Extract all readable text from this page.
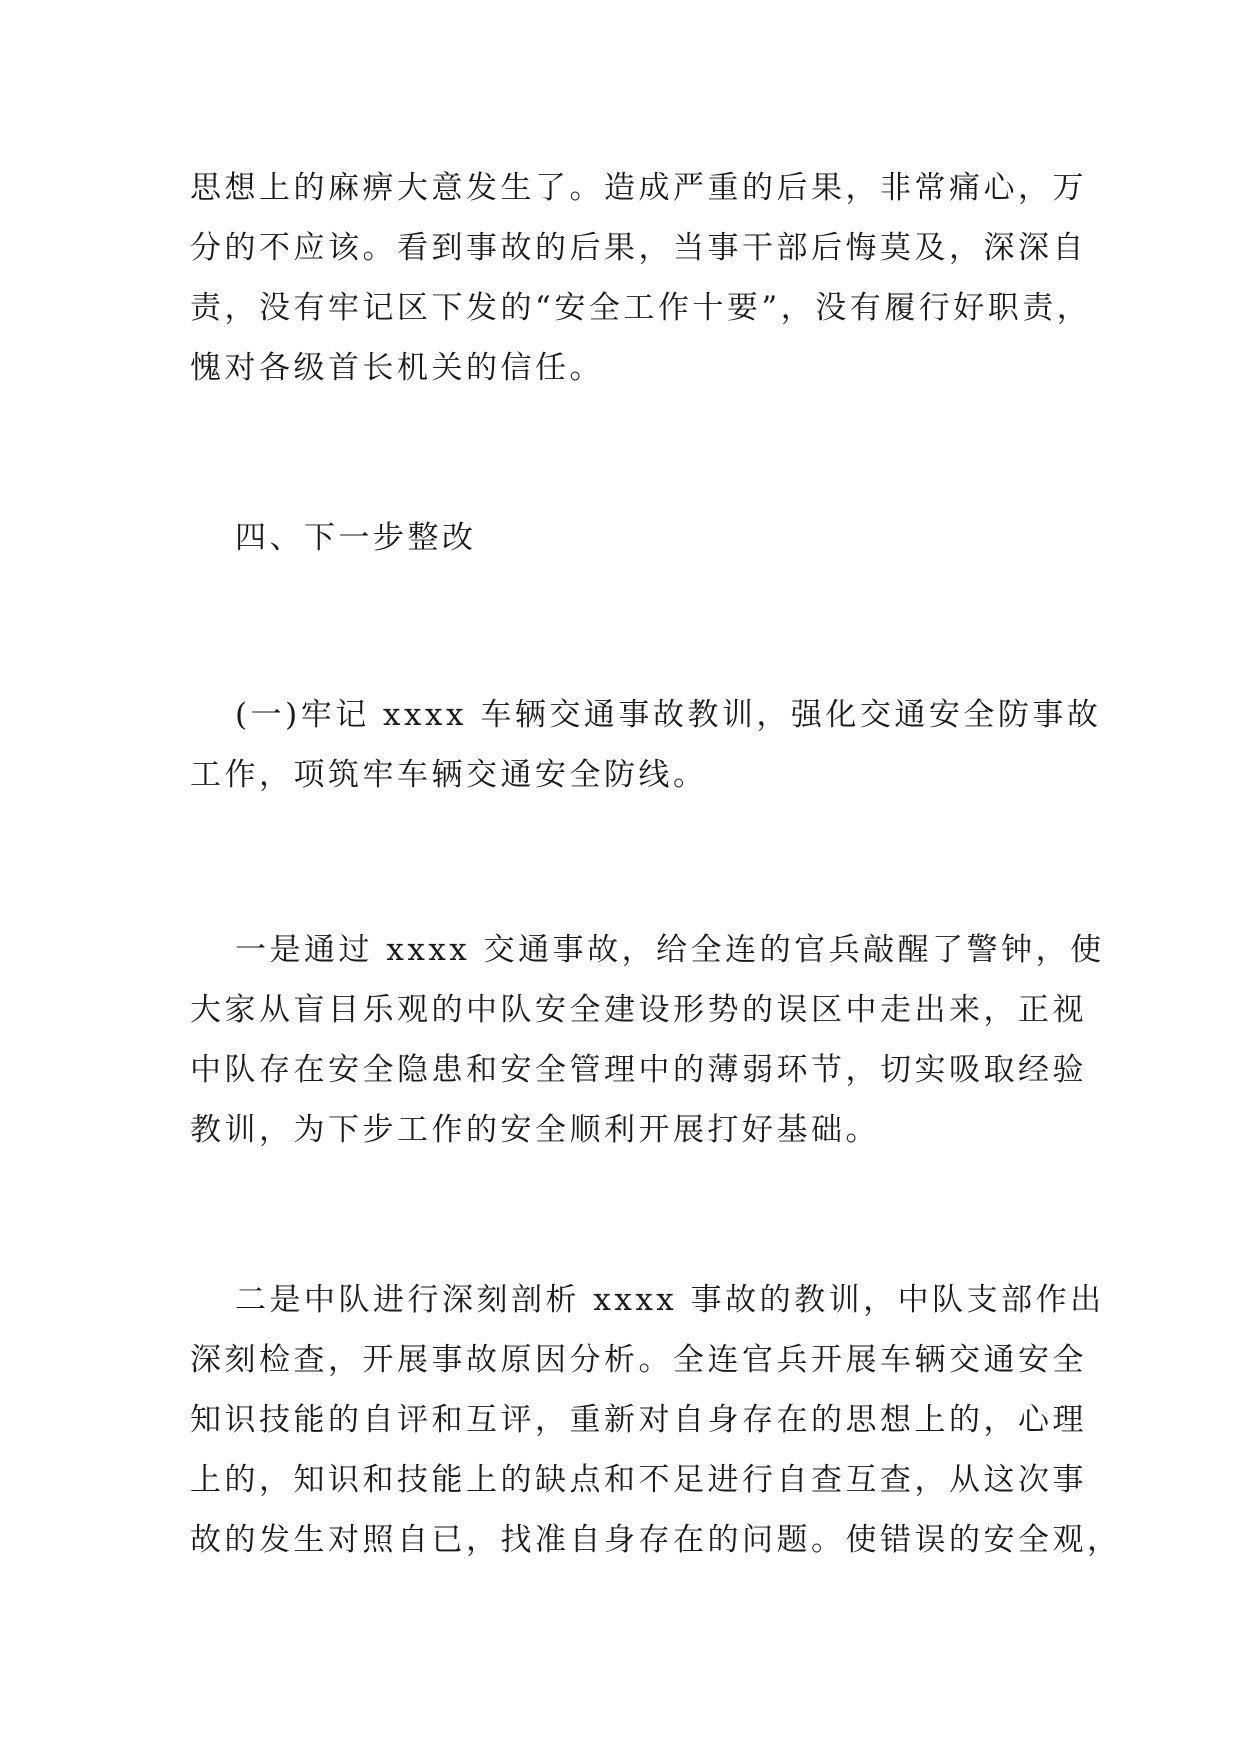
思想上的麻痹大意发生了。造成严重的后果，非常痛心，万
分的不应该。看到事故的后果，当事干部后悔莫及，深深自
责，没有牢记区下发的“安全工作十要”，没有履行好职责，
愧对各级首长机关的信任。
四、下一步整改
(一)牢记 xxxx 车辆交通事故教训，强化交通安全防事故
工作，项筑牢车辆交通安全防线。
一是通过 xxxx 交通事故，给全连的官兵敲醒了警钟，使
大家从盲目乐观的中队安全建设形势的误区中走出来，正视
中队存在安全隐患和安全管理中的薄弱环节，切实吸取经验
教训，为下步工作的安全顺利开展打好基础。
二是中队进行深刻剖析 xxxx 事故的教训，中队支部作出
深刻检查，开展事故原因分析。全连官兵开展车辆交通安全
知识技能的自评和互评，重新对自身存在的思想上的，心理
上的，知识和技能上的缺点和不足进行自查互查，从这次事
故的发生对照自已，找准自身存在的问题。使错误的安全观，
